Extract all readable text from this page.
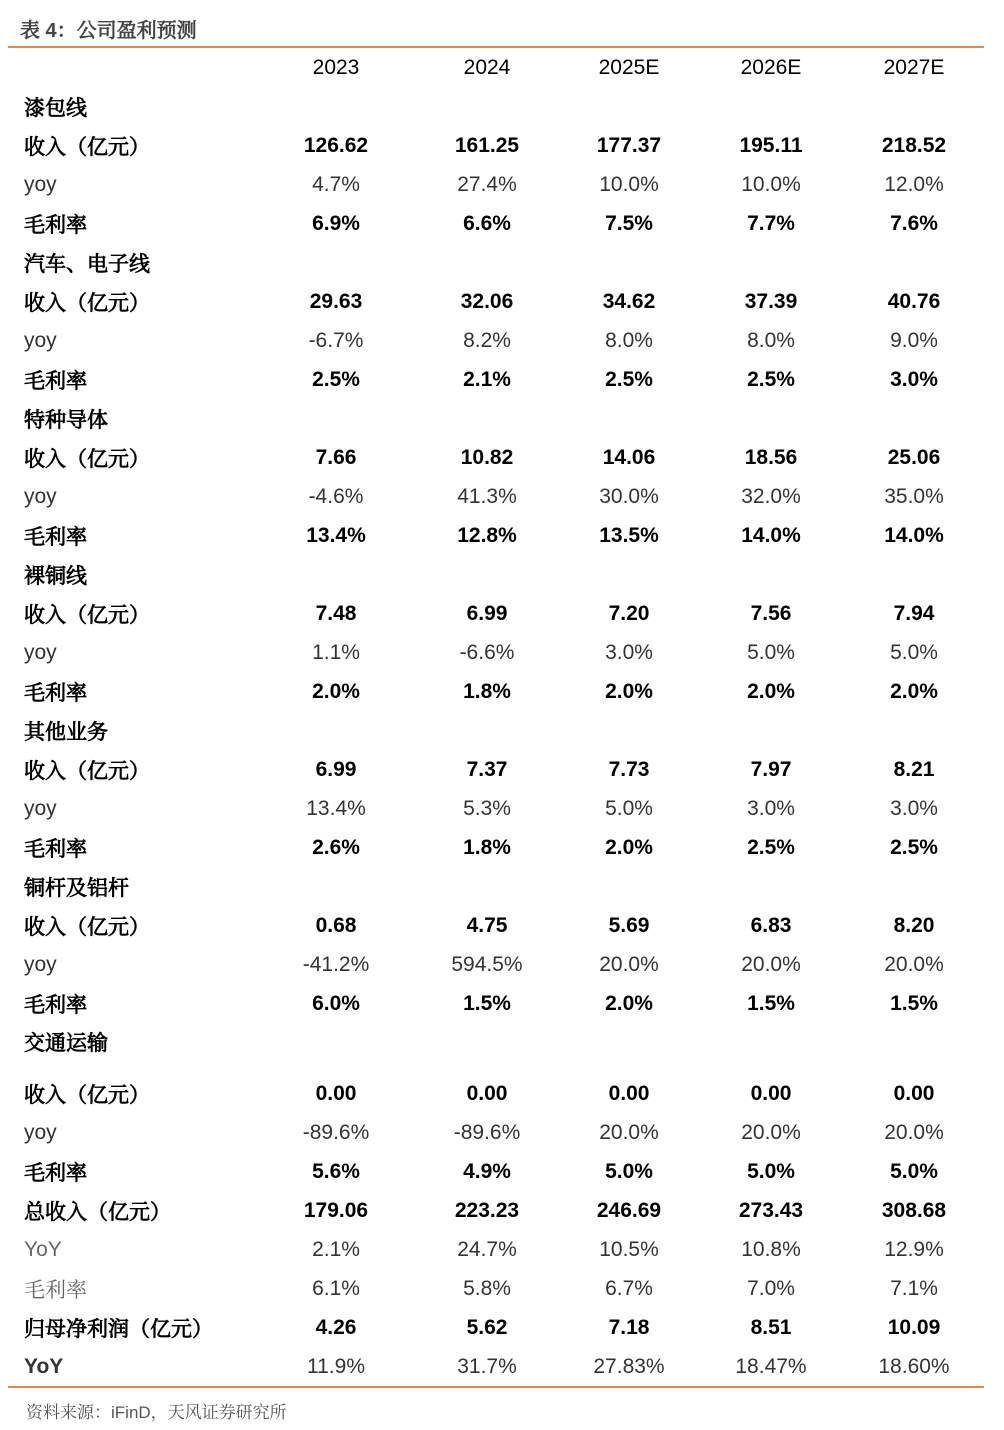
表 4：公司盈利预测
	2023	2024	2025E	2026E	2027E
漆包线					
收入（亿元）	126.62	161.25	177.37	195.11	218.52
yoy	4.7%	27.4%	10.0%	10.0%	12.0%
毛利率	6.9%	6.6%	7.5%	7.7%	7.6%
汽车、电子线					
收入（亿元）	29.63	32.06	34.62	37.39	40.76
yoy	-6.7%	8.2%	8.0%	8.0%	9.0%
毛利率	2.5%	2.1%	2.5%	2.5%	3.0%
特种导体					
收入（亿元）	7.66	10.82	14.06	18.56	25.06
yoy	-4.6%	41.3%	30.0%	32.0%	35.0%
毛利率	13.4%	12.8%	13.5%	14.0%	14.0%
裸铜线					
收入（亿元）	7.48	6.99	7.20	7.56	7.94
yoy	1.1%	-6.6%	3.0%	5.0%	5.0%
毛利率	2.0%	1.8%	2.0%	2.0%	2.0%
其他业务					
收入（亿元）	6.99	7.37	7.73	7.97	8.21
yoy	13.4%	5.3%	5.0%	3.0%	3.0%
毛利率	2.6%	1.8%	2.0%	2.5%	2.5%
铜杆及铝杆					
收入（亿元）	0.68	4.75	5.69	6.83	8.20
yoy	-41.2%	594.5%	20.0%	20.0%	20.0%
毛利率	6.0%	1.5%	2.0%	1.5%	1.5%
交通运输					
收入（亿元）	0.00	0.00	0.00	0.00	0.00
yoy	-89.6%	-89.6%	20.0%	20.0%	20.0%
毛利率	5.6%	4.9%	5.0%	5.0%	5.0%
总收入（亿元）	179.06	223.23	246.69	273.43	308.68
YoY	2.1%	24.7%	10.5%	10.8%	12.9%
毛利率	6.1%	5.8%	6.7%	7.0%	7.1%
归母净利润（亿元）	4.26	5.62	7.18	8.51	10.09
YoY	11.9%	31.7%	27.83%	18.47%	18.60%
资料来源：iFinD，天风证券研究所
